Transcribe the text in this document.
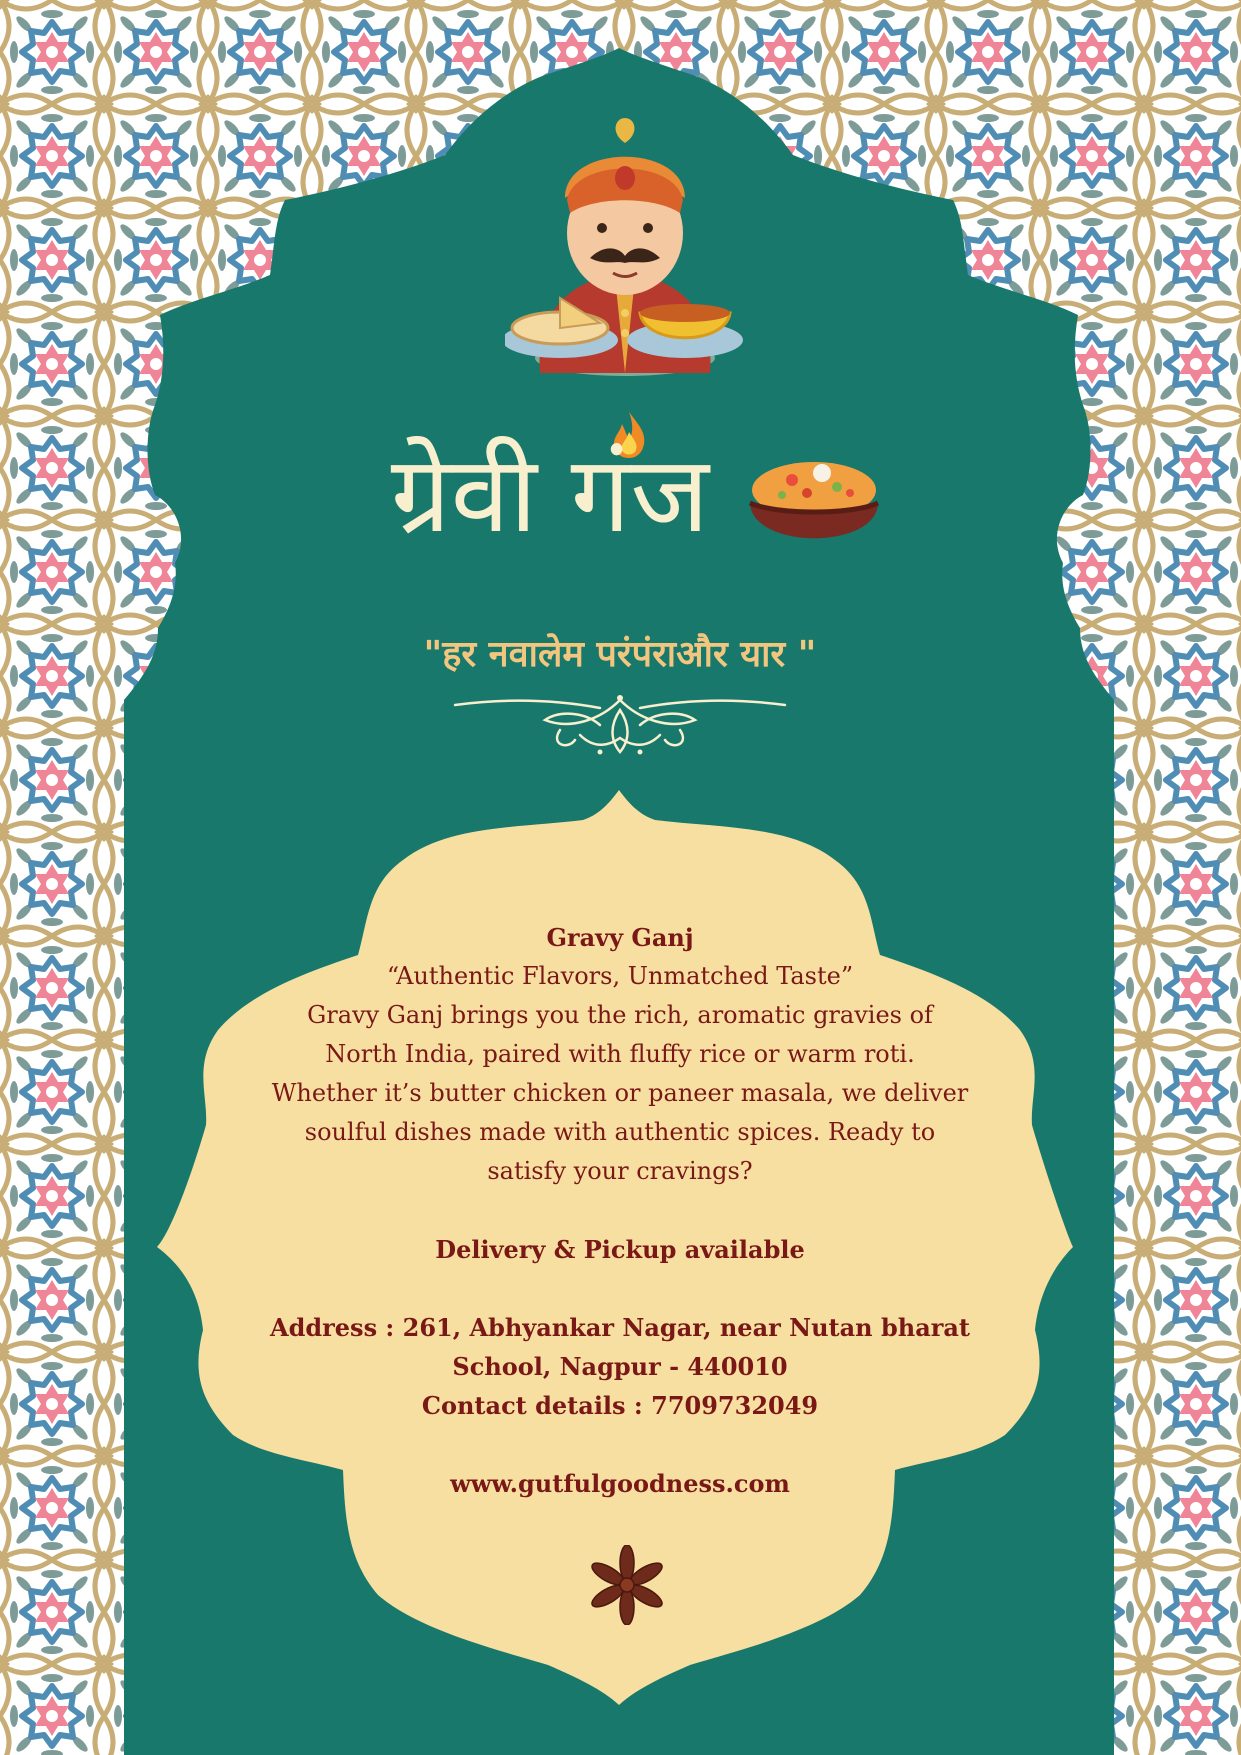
ग्रेवी गंज
"हर नवालेम परंपंराऔर यार "

Gravy Ganj

“Authentic Flavors, Unmatched Taste”

Gravy Ganj brings you the rich, aromatic gravies of

North India, paired with fluffy rice or warm roti.

Whether it’s butter chicken or paneer masala, we deliver

soulful dishes made with authentic spices. Ready to

satisfy your cravings?

Delivery & Pickup available

Address : 261, Abhyankar Nagar, near Nutan bharat

School, Nagpur - 440010

Contact details : 7709732049

www.gutfulgoodness.com
